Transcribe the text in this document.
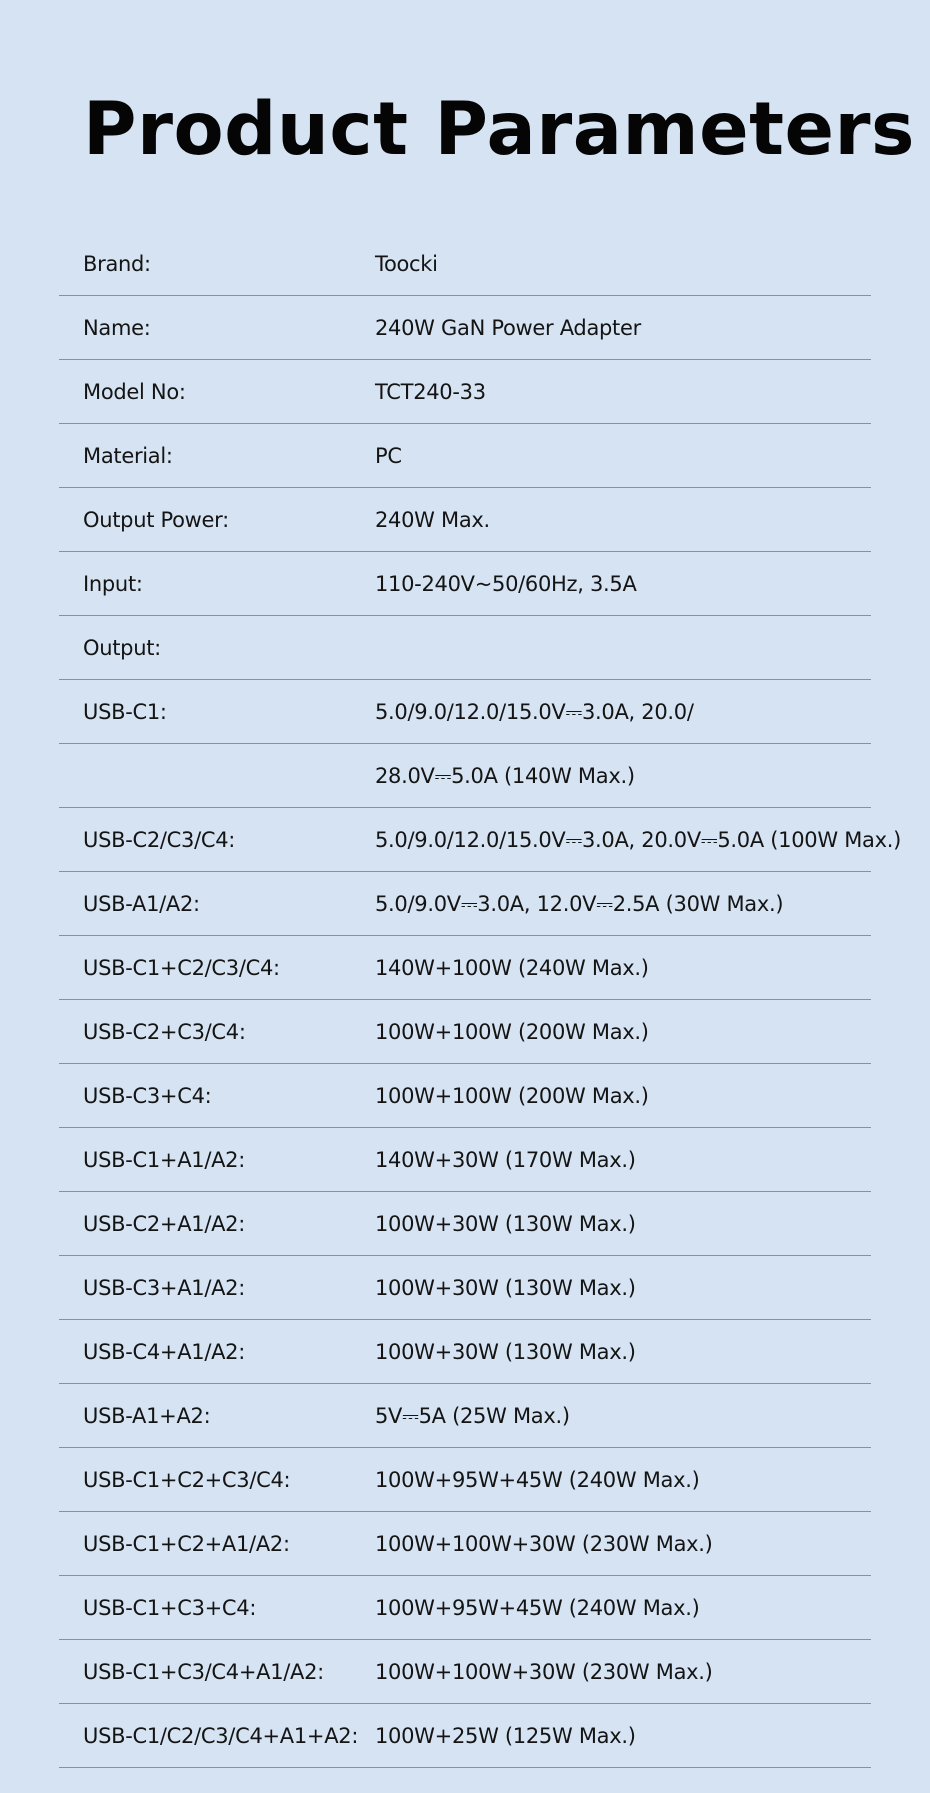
Product Parameters
Brand:	Toocki
Name:	240W GaN Power Adapter
Model No:	TCT240-33
Material:	PC
Output Power:	240W Max.
Input:	110-240V~50/60Hz, 3.5A
Output:
USB-C1:	5.0/9.0/12.0/15.0V⎓3.0A, 20.0/
28.0V⎓5.0A (140W Max.)
USB-C2/C3/C4:	5.0/9.0/12.0/15.0V⎓3.0A, 20.0V⎓5.0A (100W Max.)
USB-A1/A2:	5.0/9.0V⎓3.0A, 12.0V⎓2.5A (30W Max.)
USB-C1+C2/C3/C4:	140W+100W (240W Max.)
USB-C2+C3/C4:	100W+100W (200W Max.)
USB-C3+C4:	100W+100W (200W Max.)
USB-C1+A1/A2:	140W+30W (170W Max.)
USB-C2+A1/A2:	100W+30W (130W Max.)
USB-C3+A1/A2:	100W+30W (130W Max.)
USB-C4+A1/A2:	100W+30W (130W Max.)
USB-A1+A2:	5V⎓5A (25W Max.)
USB-C1+C2+C3/C4:	100W+95W+45W (240W Max.)
USB-C1+C2+A1/A2:	100W+100W+30W (230W Max.)
USB-C1+C3+C4:	100W+95W+45W (240W Max.)
USB-C1+C3/C4+A1/A2: 100W+100W+30W (230W Max.)
USB-C1/C2/C3/C4+A1+A2: 100W+25W (125W Max.)
